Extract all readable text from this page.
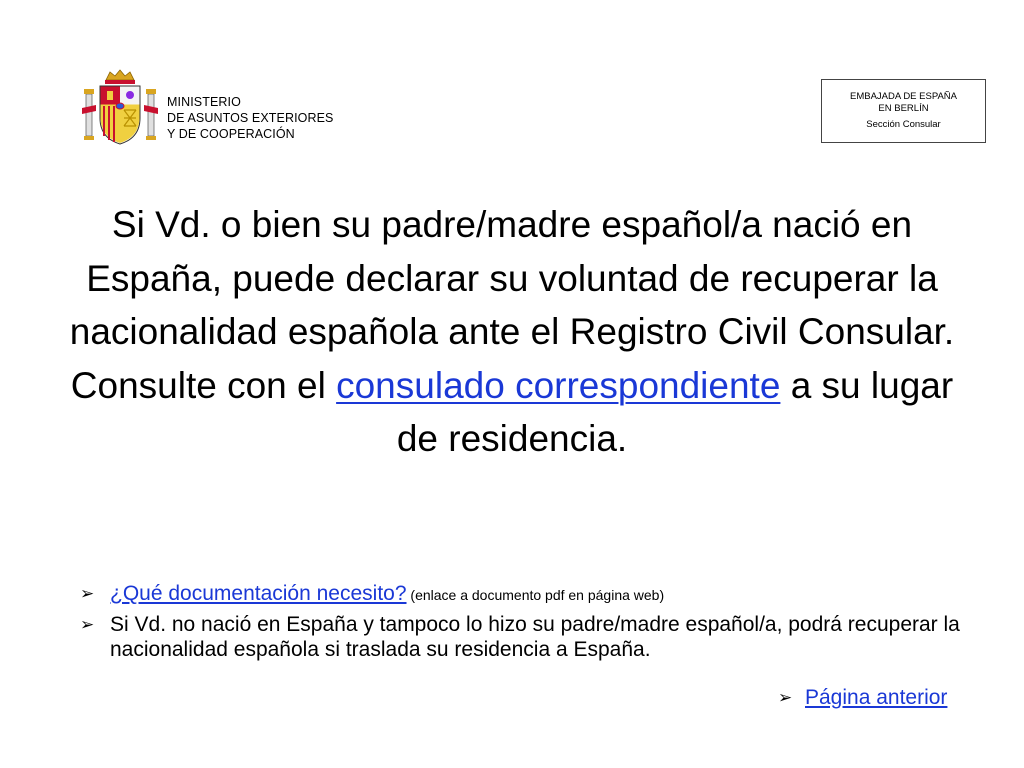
MINISTERIO
DE ASUNTOS EXTERIORES
Y DE COOPERACIÓN
EMBAJADA DE ESPAÑA
EN BERLÍN
Sección Consular
Si Vd. o bien su padre/madre español/a nació en España, puede declarar su voluntad de recuperar la nacionalidad española ante el Registro Civil Consular. Consulte con el consulado correspondiente a su lugar de residencia.
➢ ¿Qué documentación necesito? (enlace a documento pdf en página web)
➢ Si Vd. no nació en España y tampoco lo hizo su padre/madre español/a, podrá recuperar la nacionalidad española si traslada su residencia a España.
➢ Página anterior
